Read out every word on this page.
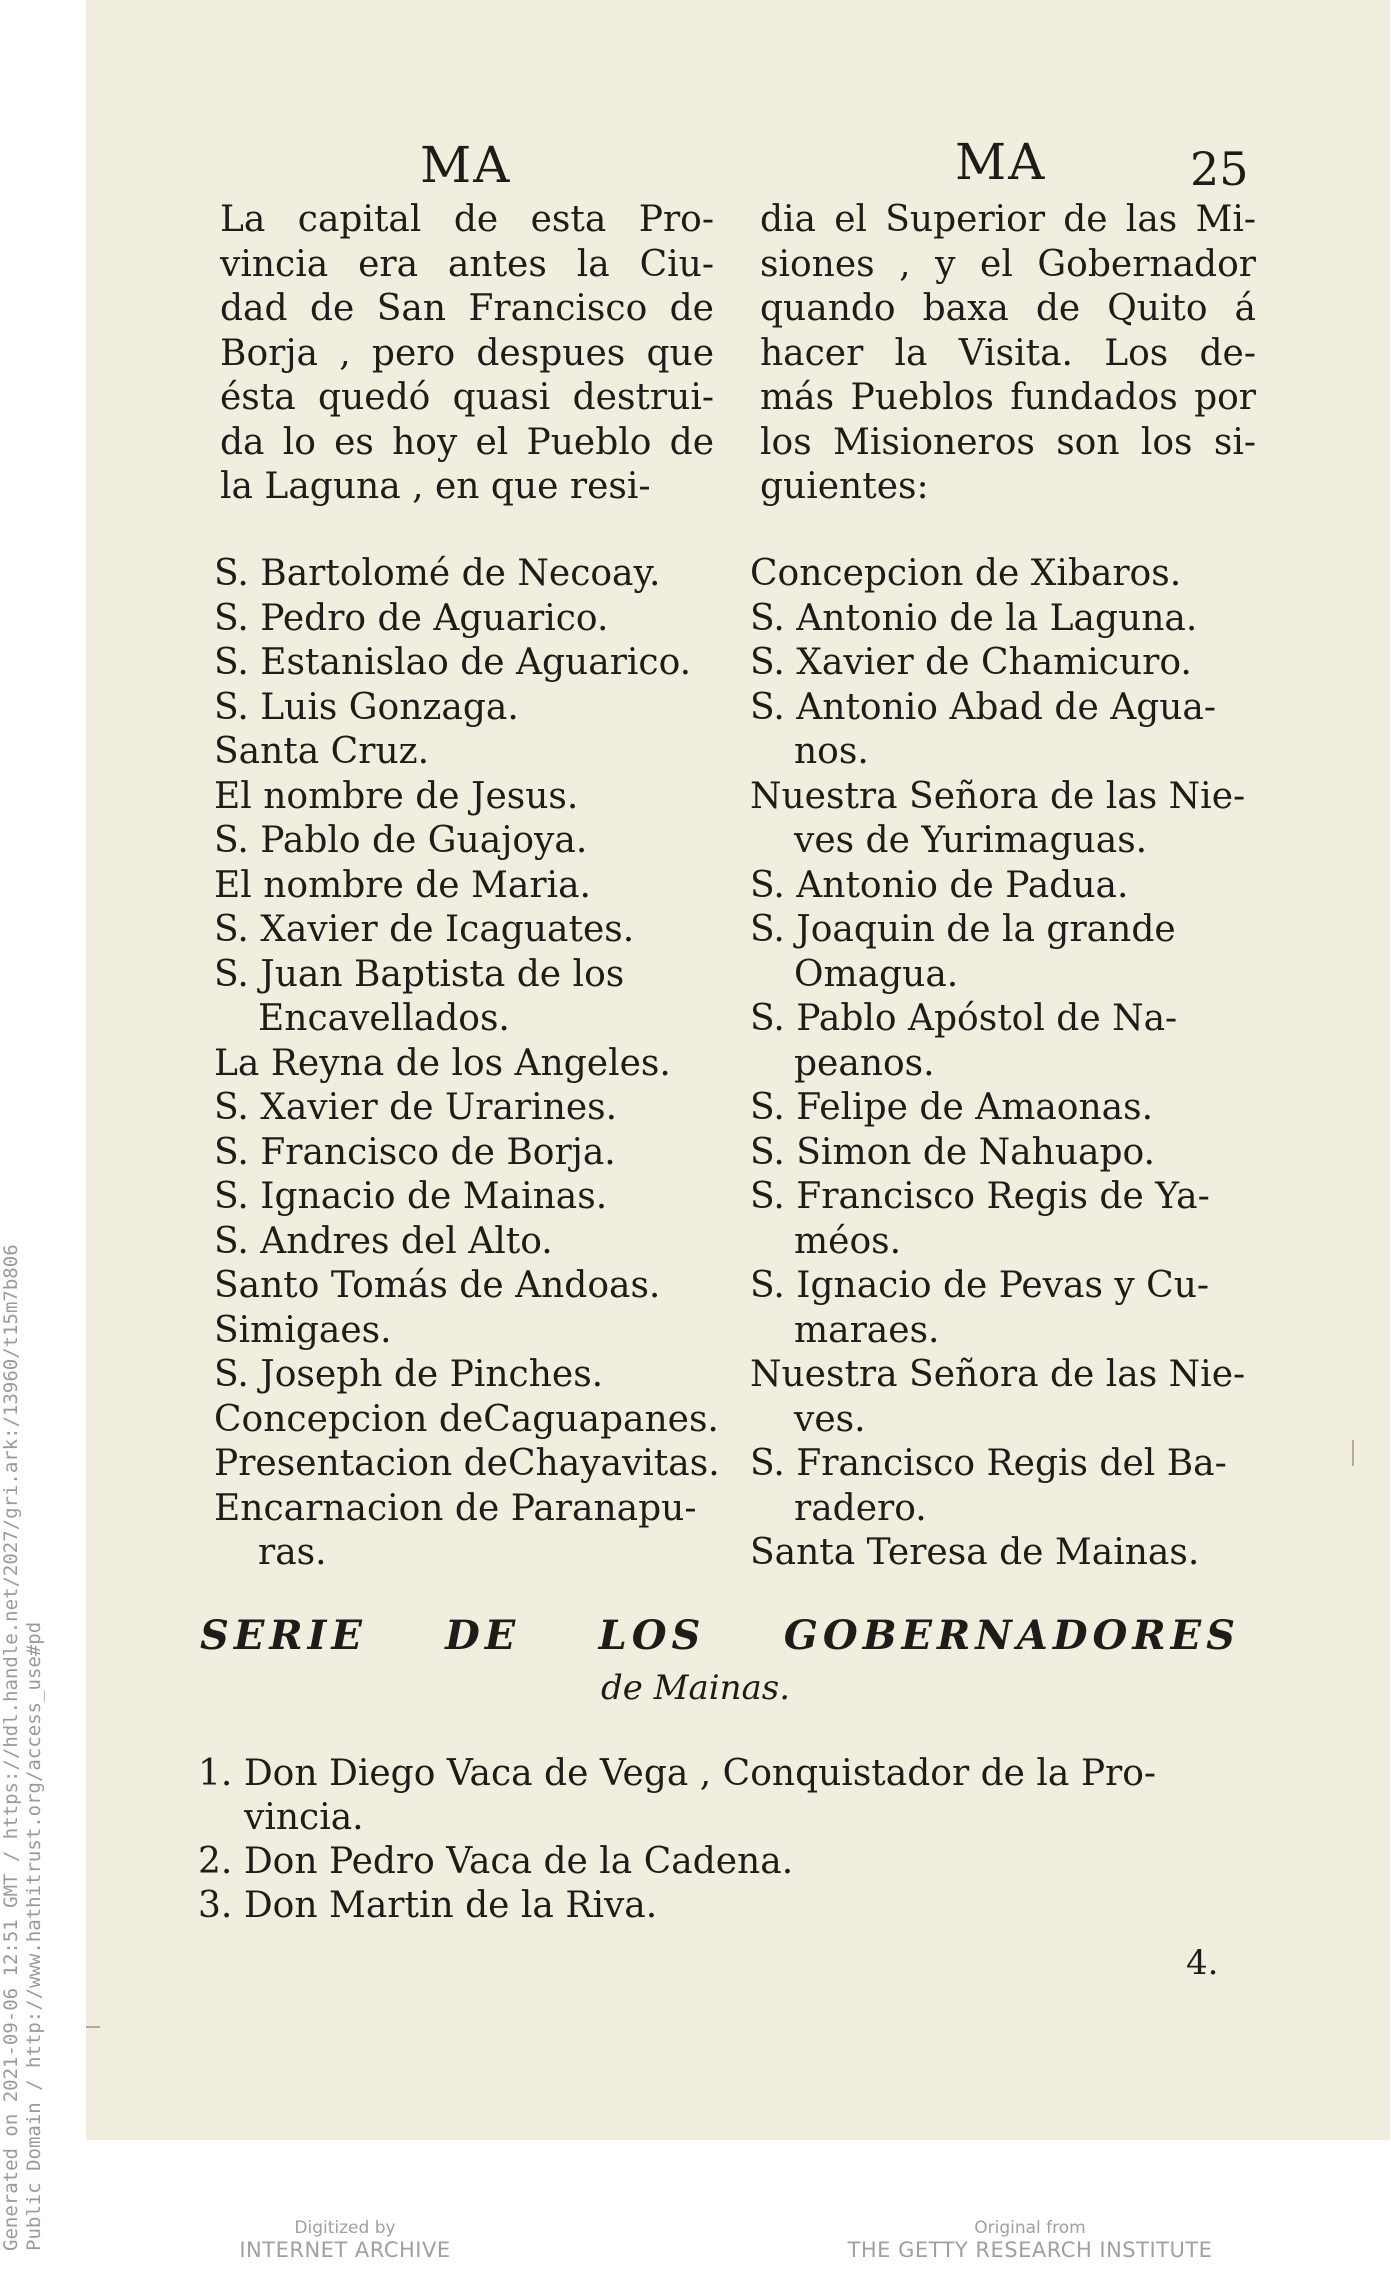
Generated on 2021-09-06 12:51 GMT / https://hdl.handle.net/2027/gri.ark:/13960/t15m7b806 Public Domain / http://www.hathitrust.org/access_use#pd
MA	MA	25
La capital de esta Pro-
vincia era antes la Ciu-
dad de San Francisco de
Borja , pero despues que
ésta quedó quasi destrui-
da lo es hoy el Pueblo de
la Laguna , en que resi-
dia el Superior de las Mi-
siones , y el Gobernador
quando baxa de Quito á
hacer la Visita. Los de-
más Pueblos fundados por
los Misioneros son los si-
guientes:
S. Bartolomé de Necoay.
S. Pedro de Aguarico.
S. Estanislao de Aguarico.
S. Luis Gonzaga.
Santa Cruz.
El nombre de Jesus.
S. Pablo de Guajoya.
El nombre de Maria.
S. Xavier de Icaguates.
S. Juan Baptista de los
Encavellados.
La Reyna de los Angeles.
S. Xavier de Urarines.
S. Francisco de Borja.
S. Ignacio de Mainas.
S. Andres del Alto.
Santo Tomás de Andoas.
Simigaes.
S. Joseph de Pinches.
Concepcion deCaguapanes.
Presentacion deChayavitas.
Encarnacion de Paranapu-
ras.
Concepcion de Xibaros.
S. Antonio de la Laguna.
S. Xavier de Chamicuro.
S. Antonio Abad de Agua-
nos.
Nuestra Señora de las Nie-
ves de Yurimaguas.
S. Antonio de Padua.
S. Joaquin de la grande
Omagua.
S. Pablo Apóstol de Na-
peanos.
S. Felipe de Amaonas.
S. Simon de Nahuapo.
S. Francisco Regis de Ya-
méos.
S. Ignacio de Pevas y Cu-
maraes.
Nuestra Señora de las Nie-
ves.
S. Francisco Regis del Ba-
radero.
Santa Teresa de Mainas.
SERIE DE LOS GOBERNADORES
de Mainas.
1. Don Diego Vaca de Vega , Conquistador de la Pro-
vincia.
2. Don Pedro Vaca de la Cadena.
3. Don Martin de la Riva.
4.
Digitized by
INTERNET ARCHIVE
Original from
THE GETTY RESEARCH INSTITUTE
